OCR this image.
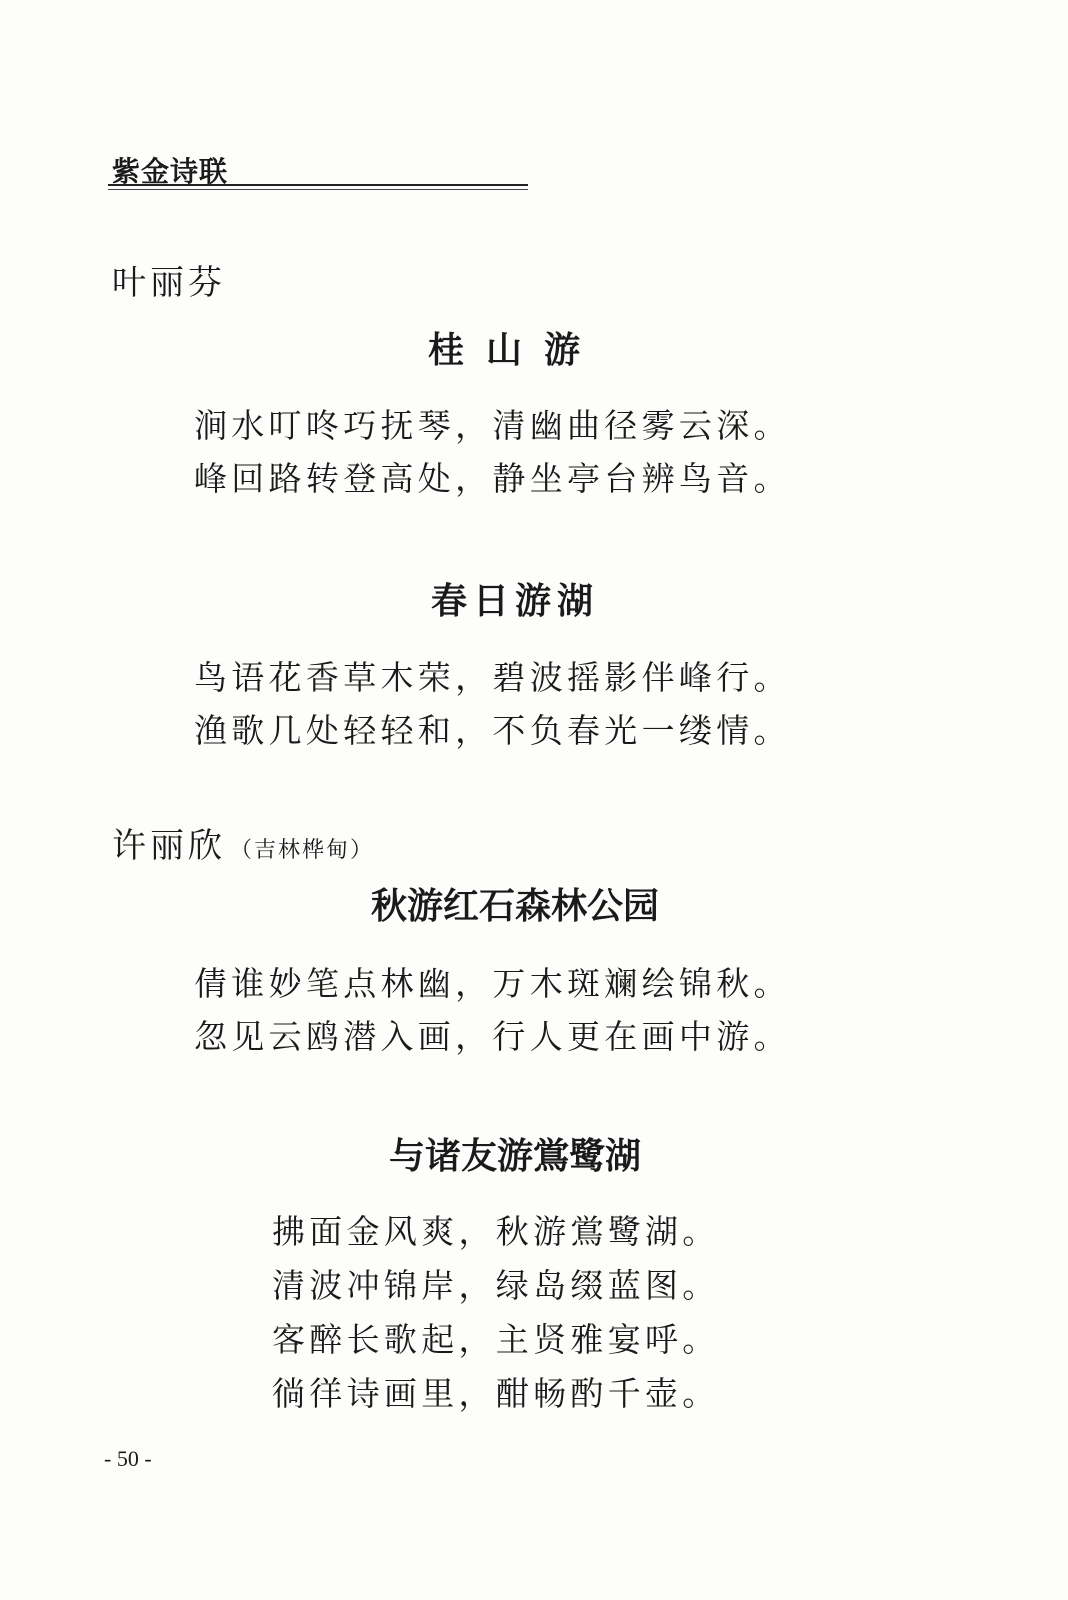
紫金诗联
叶丽芬
桂山游
涧水叮咚巧抚琴，清幽曲径雾云深。
峰回路转登高处，静坐亭台辨鸟音。
春日游湖
鸟语花香草木荣，碧波摇影伴峰行。
渔歌几处轻轻和，不负春光一缕情。
许丽欣 （吉林桦甸）
秋游红石森林公园
倩谁妙笔点林幽，万木斑斓绘锦秋。
忽见云鸥潜入画，行人更在画中游。
与诸友游鴬鹭湖
拂面金风爽，秋游鴬鹭湖。
清波冲锦岸，绿岛缀蓝图。
客醉长歌起，主贤雅宴呼。
徜徉诗画里，酣畅酌千壶。
- 50 -
